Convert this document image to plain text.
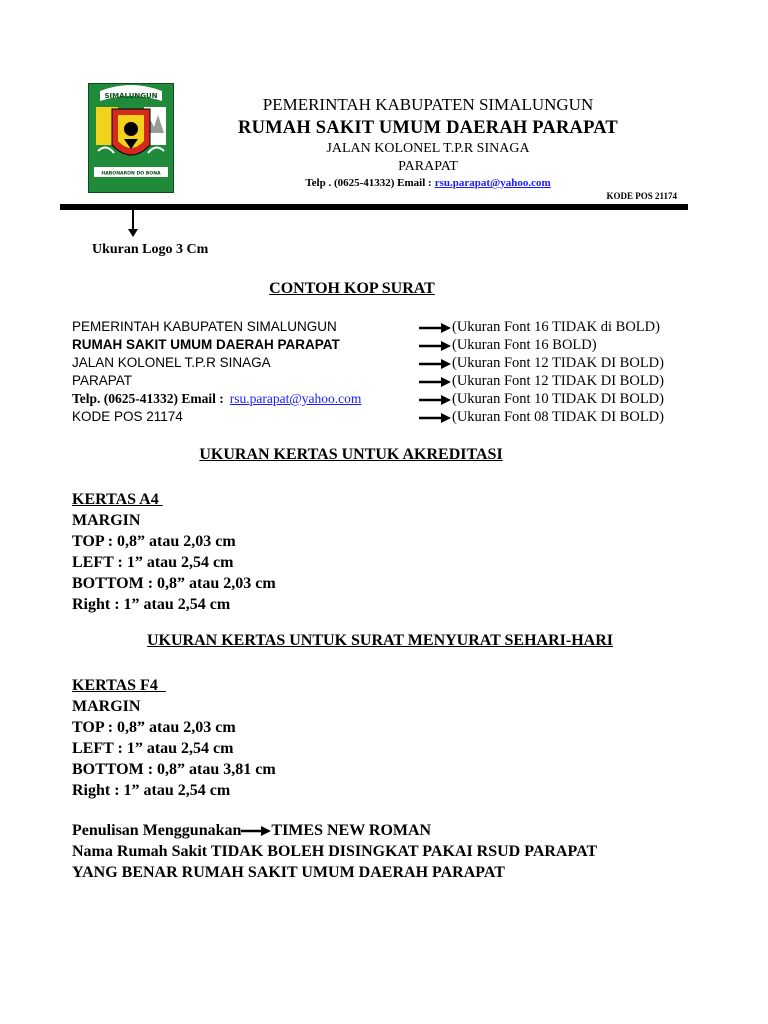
SIMALUNGUN
HABONARON DO BONA
PEMERINTAH KABUPATEN SIMALUNGUN
RUMAH SAKIT UMUM DAERAH PARAPAT
JALAN KOLONEL T.P.R SINAGA
PARAPAT
Telp . (0625-41332) Email : rsu.parapat@yahoo.com
KODE POS 21174
Ukuran Logo 3 Cm
CONTOH KOP SURAT
PEMERINTAH KABUPATEN SIMALUNGUN	(Ukuran Font 16 TIDAK di BOLD)
RUMAH SAKIT UMUM DAERAH PARAPAT	(Ukuran Font 16 BOLD)
JALAN KOLONEL T.P.R SINAGA	(Ukuran Font 12 TIDAK DI BOLD)
PARAPAT	(Ukuran Font 12 TIDAK DI BOLD)
Telp. (0625-41332) Email : rsu.parapat@yahoo.com	(Ukuran Font 10 TIDAK DI BOLD)
KODE POS 21174	(Ukuran Font 08 TIDAK DI BOLD)
UKURAN KERTAS UNTUK AKREDITASI
KERTAS A4
MARGIN
TOP : 0,8” atau 2,03 cm
LEFT : 1” atau 2,54 cm
BOTTOM : 0,8” atau 2,03 cm
Right : 1” atau 2,54 cm
UKURAN KERTAS UNTUK SURAT MENYURAT SEHARI-HARI
KERTAS F4
MARGIN
TOP : 0,8” atau 2,03 cm
LEFT : 1” atau 2,54 cm
BOTTOM : 0,8” atau 3,81 cm
Right : 1” atau 2,54 cm
Penulisan Menggunakan TIMES NEW ROMAN
Nama Rumah Sakit TIDAK BOLEH DISINGKAT PAKAI RSUD PARAPAT
YANG BENAR RUMAH SAKIT UMUM DAERAH PARAPAT
